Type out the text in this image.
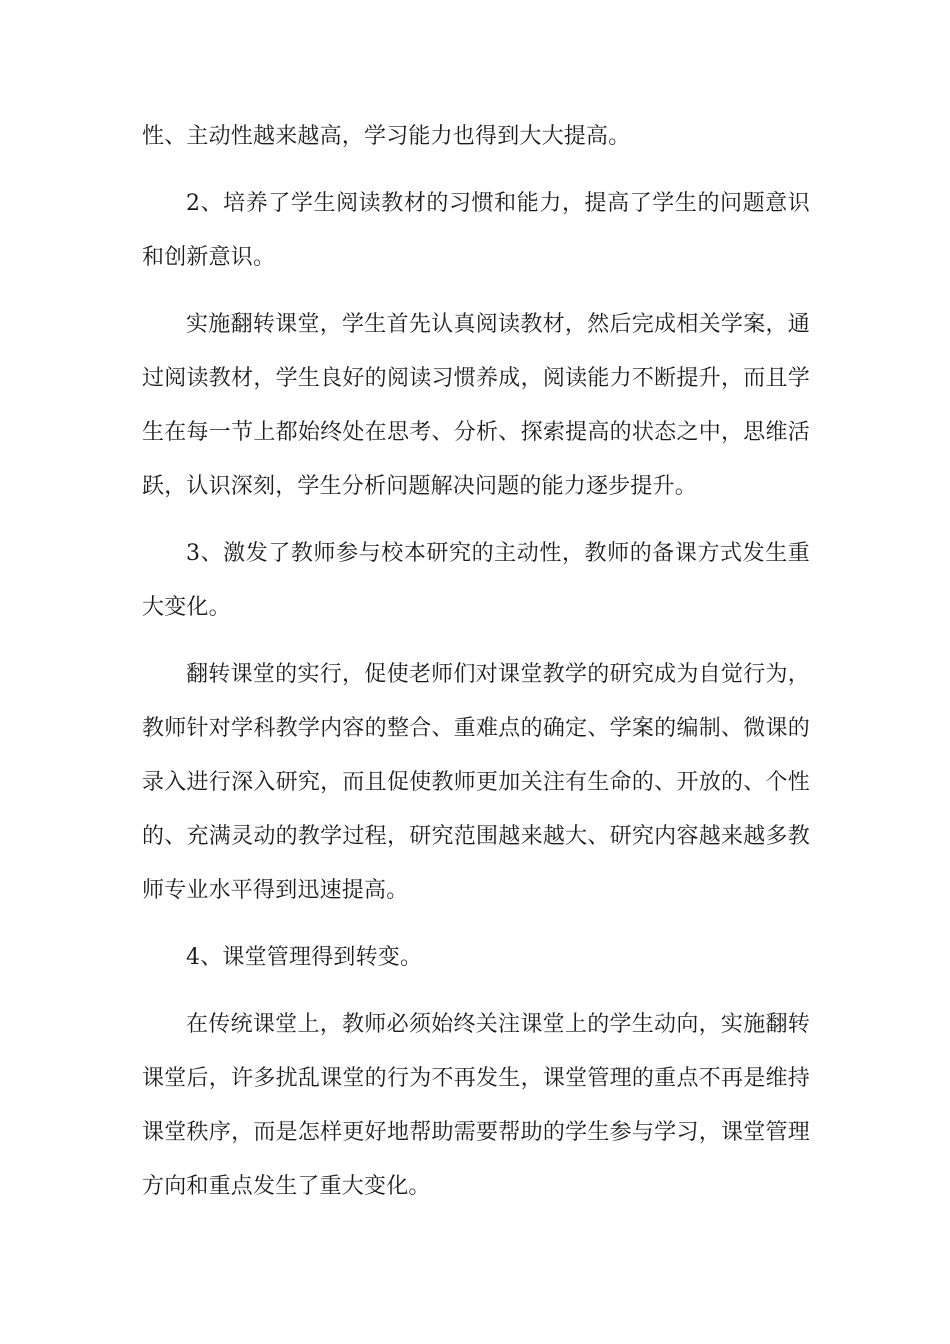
性、主动性越来越高，学习能力也得到大大提高。

2、培养了学生阅读教材的习惯和能力，提高了学生的问题意识和创新意识。

实施翻转课堂，学生首先认真阅读教材，然后完成相关学案，通过阅读教材，学生良好的阅读习惯养成，阅读能力不断提升，而且学生在每一节上都始终处在思考、分析、探索提高的状态之中，思维活跃，认识深刻，学生分析问题解决问题的能力逐步提升。

3、激发了教师参与校本研究的主动性，教师的备课方式发生重大变化。

翻转课堂的实行，促使老师们对课堂教学的研究成为自觉行为，教师针对学科教学内容的整合、重难点的确定、学案的编制、微课的录入进行深入研究，而且促使教师更加关注有生命的、开放的、个性的、充满灵动的教学过程，研究范围越来越大、研究内容越来越多教师专业水平得到迅速提高。

4、课堂管理得到转变。

在传统课堂上，教师必须始终关注课堂上的学生动向，实施翻转课堂后，许多扰乱课堂的行为不再发生，课堂管理的重点不再是维持课堂秩序，而是怎样更好地帮助需要帮助的学生参与学习，课堂管理方向和重点发生了重大变化。
